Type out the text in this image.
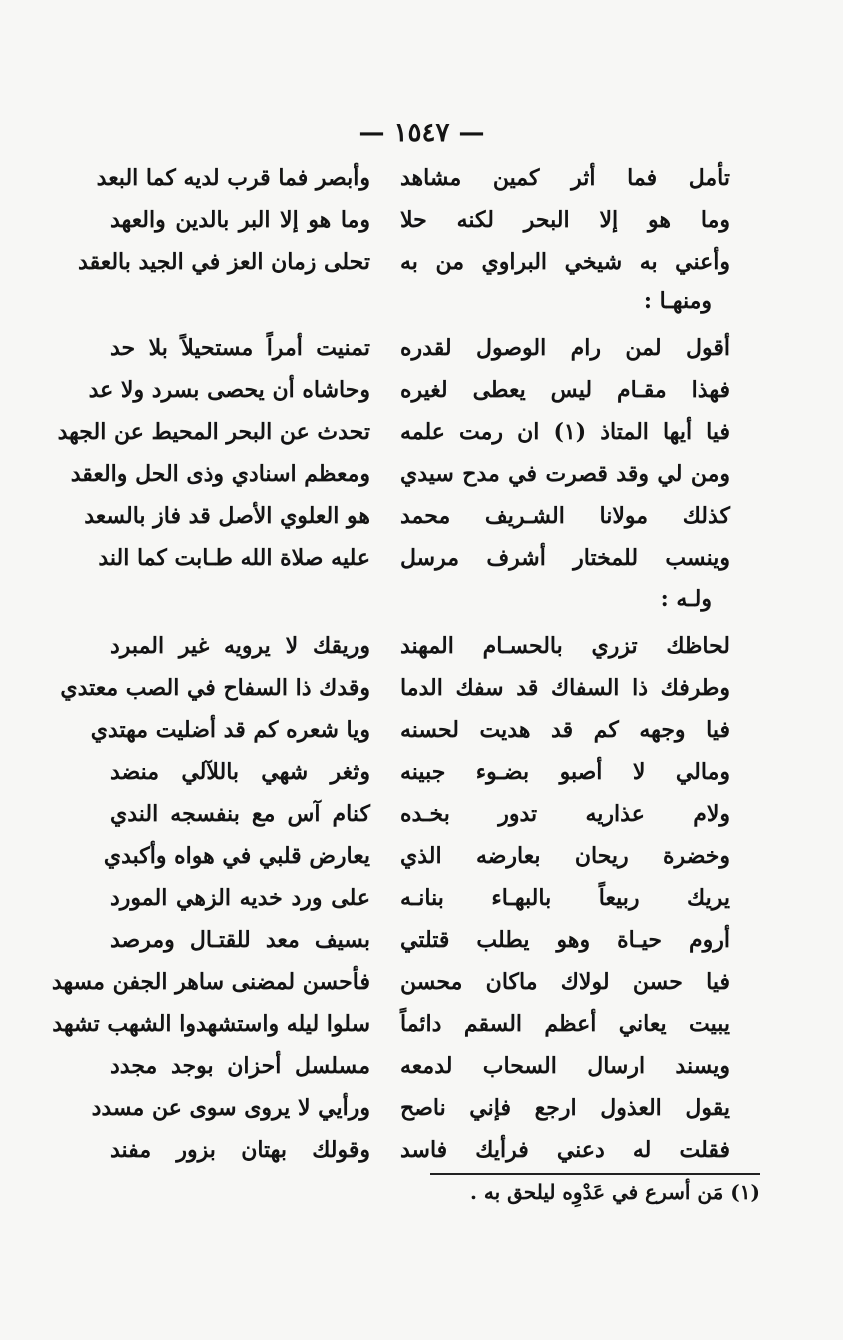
— ١٥٤٧ —
تأمل فما أثر كمين مشاهد
وأبصر فما قرب لديه كما البعد
وما هو إلا البحر لكنه حلا
وما هو إلا البر بالدين والعهد
وأعني به شيخي البراوي من به
تحلى زمان العز في الجيد بالعقد
ومنهـا :
أقول لمن رام الوصول لقدره
تمنيت أمراً مستحيلاً بلا حد
فهذا مقـام ليس يعطى لغيره
وحاشاه أن يحصى بسرد ولا عد
فيا أيها المتاذ (١) ان رمت علمه
تحدث عن البحر المحيط عن الجهد
ومن لي وقد قصرت في مدح سيدي
ومعظم اسنادي وذى الحل والعقد
كذلك مولانا الشـريف محمد
هو العلوي الأصل قد فاز بالسعد
وينسب للمختار أشرف مرسل
عليه صلاة الله طـابت كما الند
ولـه :
لحاظك تزري بالحسـام المهند
وريقك لا يرويه غير المبرد
وطرفك ذا السفاك قد سفك الدما
وقدك ذا السفاح في الصب معتدي
فيا وجهه كم قد هديت لحسنه
ويا شعره كم قد أضليت مهتدي
ومالي لا أصبو بضـوء جبينه
وثغر شهي باللآلي منضد
ولام عذاريه تدور بخـده
كنام آس مع بنفسجه الندي
وخضرة ريحان بعارضه الذي
يعارض قلبي في هواه وأكبدي
يريك ربيعاً بالبهـاء بنانـه
على ورد خديه الزهي المورد
أروم حيـاة وهو يطلب قتلتي
بسيف معد للقتـال ومرصد
فيا حسن لولاك ماكان محسن
فأحسن لمضنى ساهر الجفن مسهد
يبيت يعاني أعظم السقم دائماً
سلوا ليله واستشهدوا الشهب تشهد
ويسند ارسال السحاب لدمعه
مسلسل أحزان بوجد مجدد
يقول العذول ارجع فإني ناصح
ورأيي لا يروى سوى عن مسدد
فقلت له دعني فرأيك فاسد
وقولك بهتان بزور مفند
(١) مَن أسرع في عَدْوِه ليلحق به .
